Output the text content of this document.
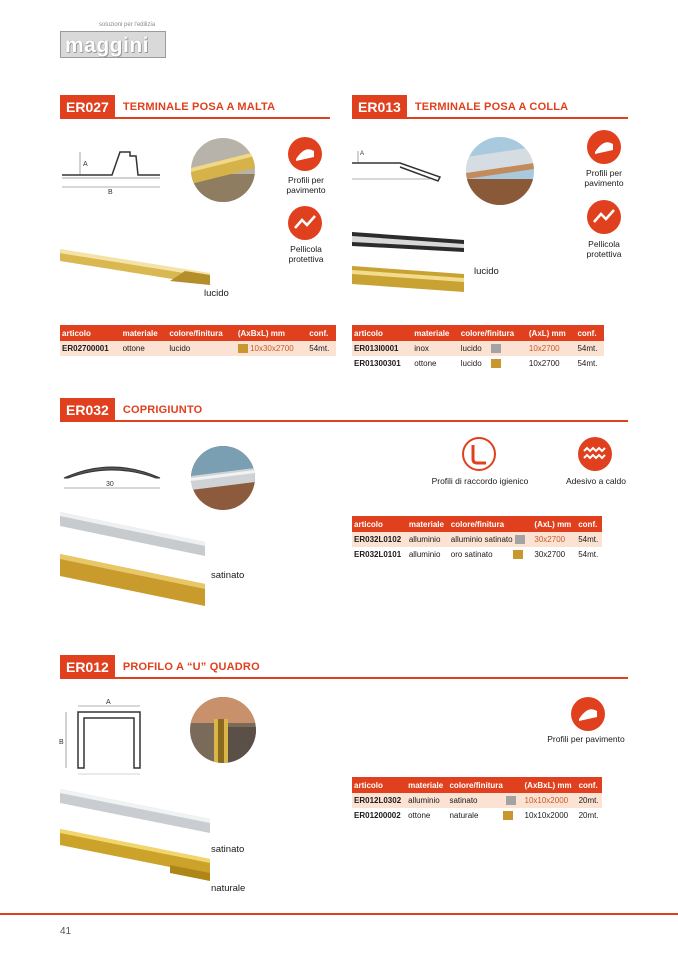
soluzioni per l'edilizia
maggini
ER027	TERMINALE POSA A MALTA
A
B
Profili per pavimento
Pellicola protettiva
lucido
articolo	materiale	colore/finitura	(AxBxL) mm	conf.
ER02700001	ottone	lucido	10x30x2700	54mt.
ER013	TERMINALE POSA A COLLA
A
Profili per pavimento
Pellicola protettiva
lucido
articolo	materiale	colore/finitura	(AxL) mm	conf.
ER013I0001	inox	lucido	10x2700	54mt.
ER01300301	ottone	lucido	10x2700	54mt.
ER032	COPRIGIUNTO
30	Profili di raccordo igienico	Adesivo a caldo
satinato
articolo	materiale	colore/finitura	(AxL) mm	conf.
ER032L0102	alluminio	alluminio satinato	30x2700	54mt.
ER032L0101	alluminio	oro satinato	30x2700	54mt.
ER012	PROFILO A “U” QUADRO
A
B	Profili per pavimento
satinato
naturale
articolo	materiale	colore/finitura	(AxBxL) mm	conf.
ER012L0302	alluminio	satinato	10x10x2000	20mt.
ER01200002	ottone	naturale	10x10x2000	20mt.
41
